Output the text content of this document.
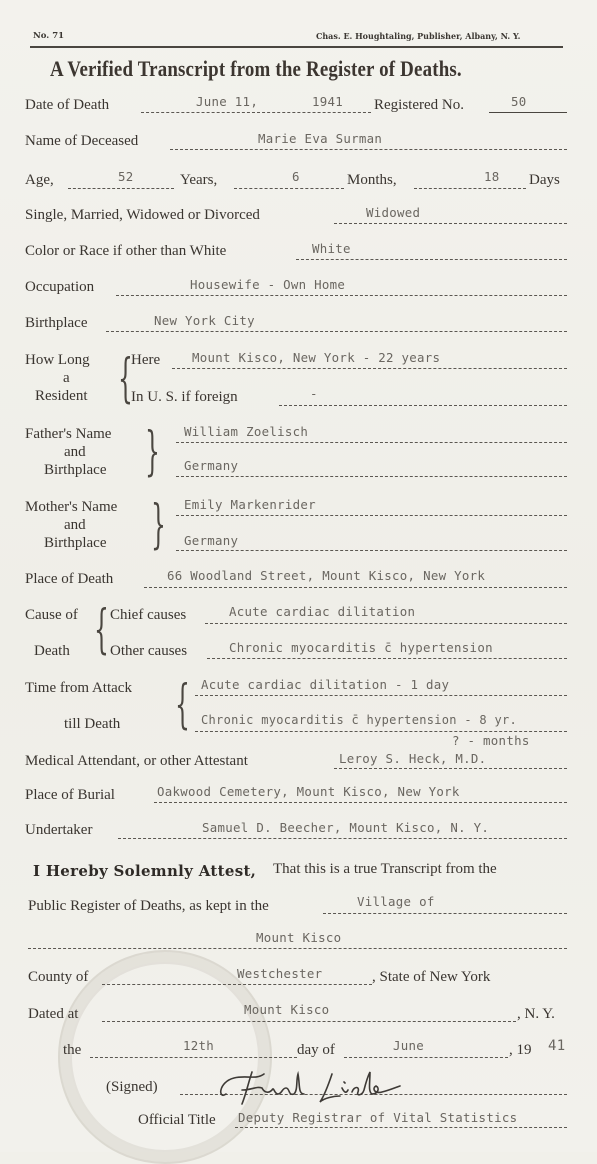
No. 71	Chas. E. Houghtaling, Publisher, Albany, N. Y.
A Verified Transcript from the Register of Deaths.
Date of Death	June 11,	1941 Registered No.	50
Name of Deceased	Marie Eva Surman
Age,	52	Years,	6	Months,	18 Days
Single, Married, Widowed or Divorced	Widowed
Color or Race if other than White	White
Occupation	Housewife - Own Home
Birthplace	New York City
How Long
a
Resident {
Here	Mount Kisco, New York - 22 years
In U. S. if foreign	-
Father's Name
and
Birthplace } William Zoelisch
Germany
Mother's Name
and
Birthplace } Emily Markenrider
Germany
Place of Death	66 Woodland Street, Mount Kisco, New York
Cause of
Death { Chief causes	Acute cardiac dilitation
Other causes	Chronic myocarditis c̄ hypertension
Time from Attack
till Death { Acute cardiac dilitation - 1 day
Chronic myocarditis c̄ hypertension - 8 yr.
? - months
Medical Attendant, or other Attestant	Leroy S. Heck, M.D.
Place of Burial	Oakwood Cemetery, Mount Kisco, New York
Undertaker	Samuel D. Beecher, Mount Kisco, N. Y.
I Hereby Solemnly Attest, That this is a true Transcript from the
Public Register of Deaths, as kept in the	Village of
Mount Kisco
County of	Westchester	, State of New York
Dated at	Mount Kisco	, N. Y.
the	12th	day of	June	, 19 41
(Signed)
Official Title Deputy Registrar of Vital Statistics
